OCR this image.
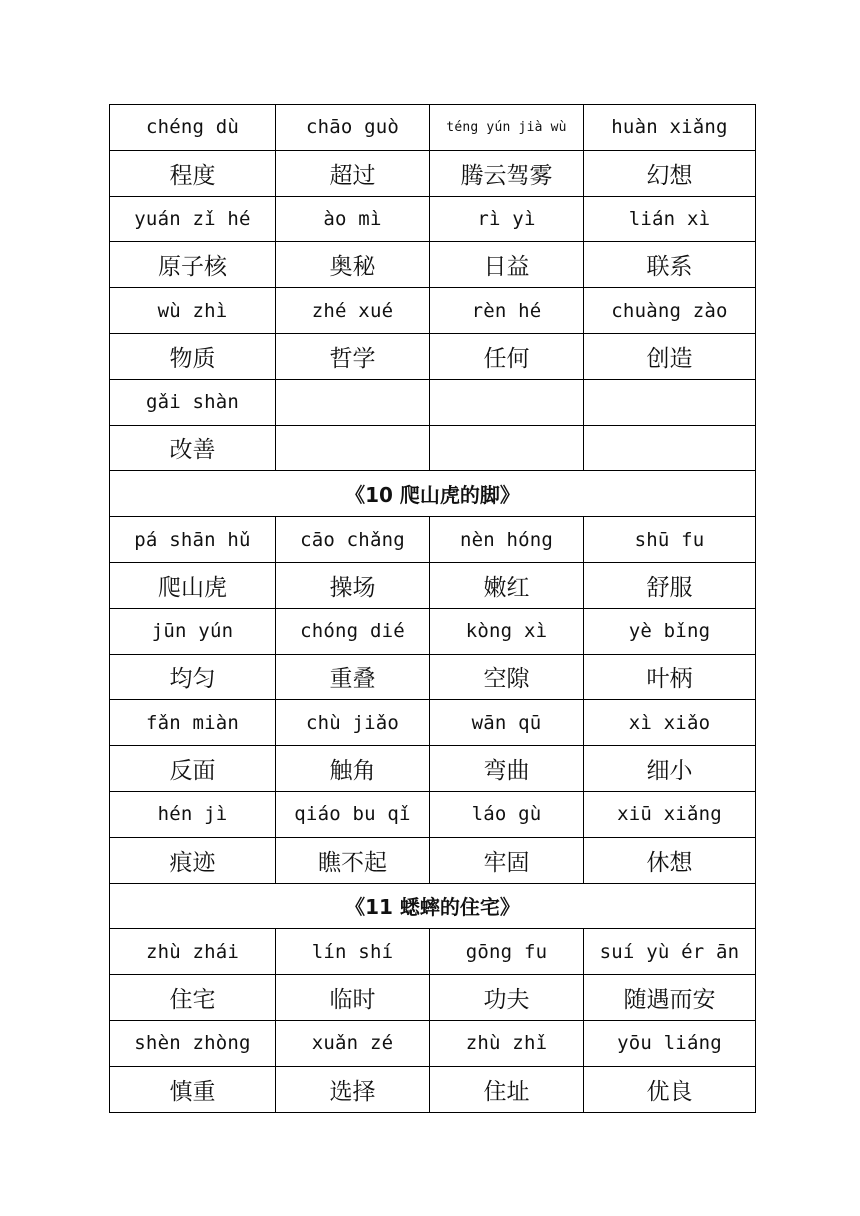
chéng dù	chāo guò	téng yún jià wù	huàn xiǎng
程度	超过	腾云驾雾	幻想
yuán zǐ hé	ào mì	rì yì	lián xì
原子核	奥秘	日益	联系
wù zhì	zhé xué	rèn hé	chuàng zào
物质	哲学	任何	创造
gǎi shàn			
改善			
《10 爬山虎的脚》			
pá shān hǔ	cāo chǎng	nèn hóng	shū fu
爬山虎	操场	嫩红	舒服
jūn yún	chóng dié	kòng xì	yè bǐng
均匀	重叠	空隙	叶柄
fǎn miàn	chù jiǎo	wān qū	xì xiǎo
反面	触角	弯曲	细小
hén jì	qiáo bu qǐ	láo gù	xiū xiǎng
痕迹	瞧不起	牢固	休想
《11 蟋蟀的住宅》			
zhù zhái	lín shí	gōng fu	suí yù ér ān
住宅	临时	功夫	随遇而安
shèn zhòng	xuǎn zé	zhù zhǐ	yōu liáng
慎重	选择	住址	优良
